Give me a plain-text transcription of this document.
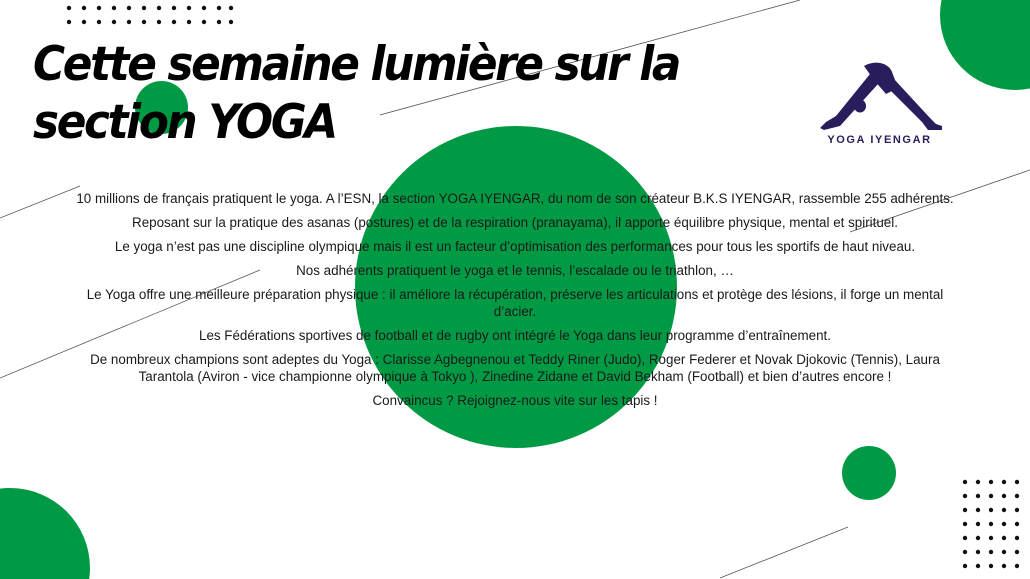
Cette semaine lumière sur la section YOGA	YOGA IYENGAR

10 millions de français pratiquent le yoga. A l’ESN, la section YOGA IYENGAR, du nom de son créateur B.K.S IYENGAR, rassemble 255 adhérents.

Reposant sur la pratique des asanas (postures) et de la respiration (pranayama), il apporte équilibre physique, mental et spirituel.

Le yoga n’est pas une discipline olympique mais il est un facteur d’optimisation des performances pour tous les sportifs de haut niveau.

Nos adhérents pratiquent le yoga et le tennis, l’escalade ou le triathlon, …

Le Yoga offre une meilleure préparation physique : il améliore la récupération, préserve les articulations et protège des lésions, il forge un mental d’acier.

Les Fédérations sportives de football et de rugby ont intégré le Yoga dans leur programme d’entraînement.

De nombreux champions sont adeptes du Yoga : Clarisse Agbegnenou et Teddy Riner (Judo), Roger Federer et Novak Djokovic (Tennis), Laura Tarantola (Aviron - vice championne olympique à Tokyo ), Zinedine Zidane et David Bekham (Football) et bien d’autres encore !

Convaincus ? Rejoignez-nous vite sur les tapis !
